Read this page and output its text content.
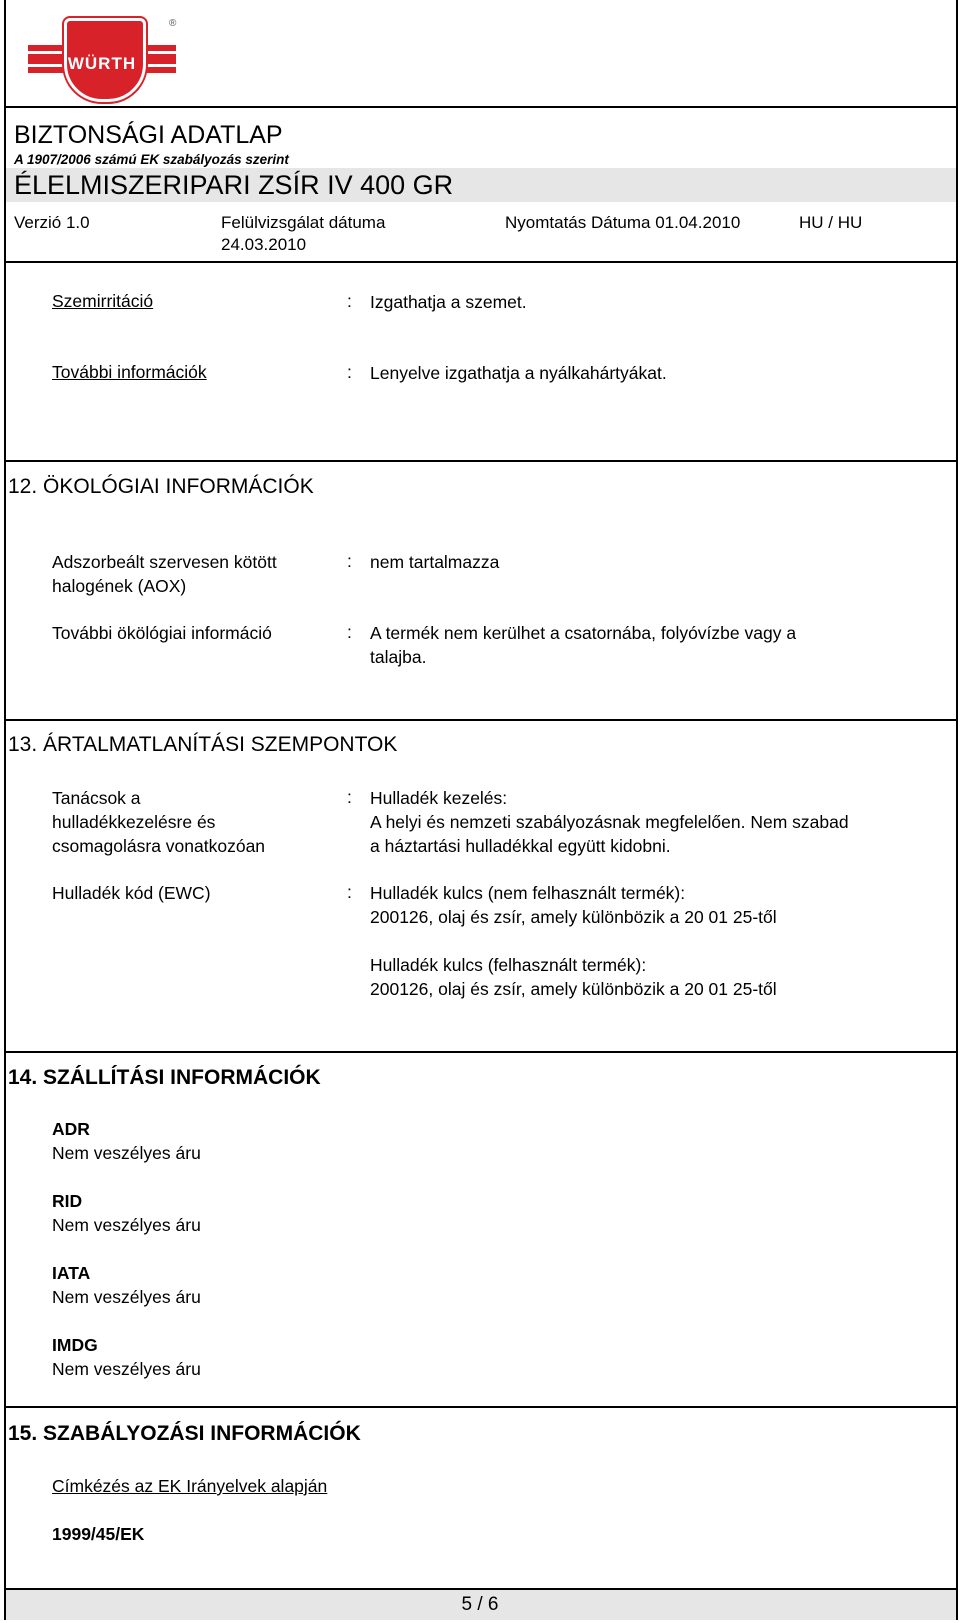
WÜRTH
®
BIZTONSÁGI ADATLAP
A 1907/2006 számú EK szabályozás szerint
ÉLELMISZERIPARI ZSÍR IV 400 GR
Verzió 1.0	Felülvizsgálat dátuma
24.03.2010
Nyomtatás Dátuma 01.04.2010	HU / HU
Szemirritáció	: Izgathatja a szemet.
További információk	: Lenyelve izgathatja a nyálkahártyákat.
12. ÖKOLÓGIAI INFORMÁCIÓK
Adszorbeált szervesen kötött
halogének (AOX)
: nem tartalmazza
További ökölógiai információ	: A termék nem kerülhet a csatornába, folyóvízbe vagy a
talajba.
13. ÁRTALMATLANÍTÁSI SZEMPONTOK
Tanácsok a
hulladékkezelésre és
csomagolásra vonatkozóan
: Hulladék kezelés:
A helyi és nemzeti szabályozásnak megfelelően. Nem szabad
a háztartási hulladékkal együtt kidobni.
Hulladék kód (EWC)	: Hulladék kulcs (nem felhasznált termék):
200126, olaj és zsír, amely különbözik a 20 01 25-től
Hulladék kulcs (felhasznált termék):
200126, olaj és zsír, amely különbözik a 20 01 25-től
14. SZÁLLÍTÁSI INFORMÁCIÓK
ADR
Nem veszélyes áru
RID
Nem veszélyes áru
IATA
Nem veszélyes áru
IMDG
Nem veszélyes áru
15. SZABÁLYOZÁSI INFORMÁCIÓK
Címkézés az EK Irányelvek alapján
1999/45/EK
5 / 6
